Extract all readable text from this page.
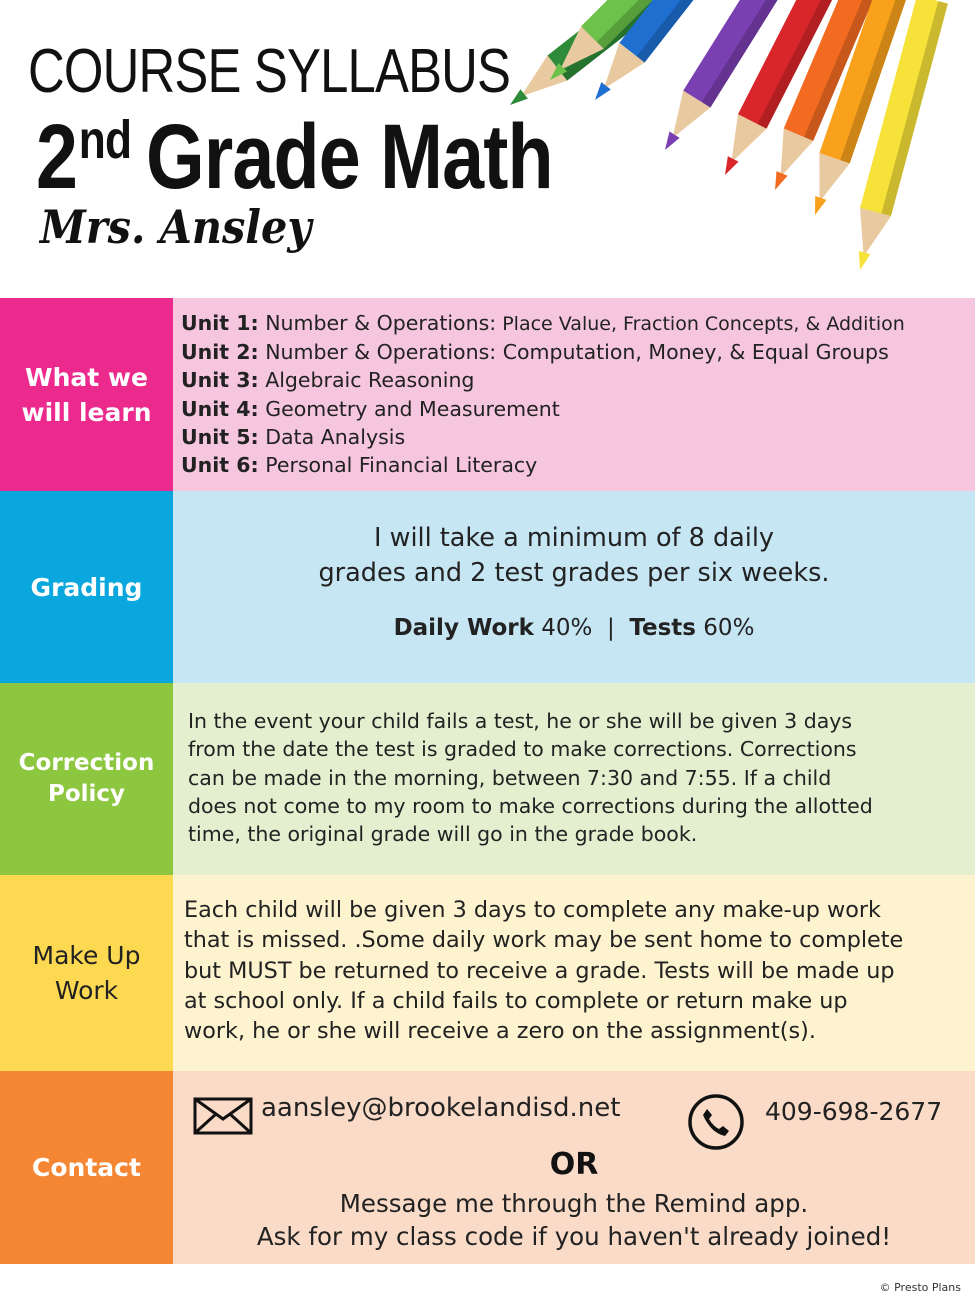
COURSE SYLLABUS
2nd Grade Math
Mrs. Ansley
What we
will learn
Unit 1: Number & Operations: Place Value, Fraction Concepts, & Addition
Unit 2: Number & Operations: Computation, Money, & Equal Groups
Unit 3: Algebraic Reasoning
Unit 4: Geometry and Measurement
Unit 5: Data Analysis
Unit 6: Personal Financial Literacy
Grading
I will take a minimum of 8 daily
grades and 2 test grades per six weeks.
Daily Work 40% | Tests 60%
Correction
Policy
In the event your child fails a test, he or she will be given 3 days
from the date the test is graded to make corrections. Corrections
can be made in the morning, between 7:30 and 7:55. If a child
does not come to my room to make corrections during the allotted
time, the original grade will go in the grade book.
Make Up
Work
Each child will be given 3 days to complete any make-up work
that is missed. .Some daily work may be sent home to complete
but MUST be returned to receive a grade. Tests will be made up
at school only. If a child fails to complete or return make up
work, he or she will receive a zero on the assignment(s).
Contact
aansley@brookelandisd.net	409-698-2677
OR
Message me through the Remind app.
Ask for my class code if you haven't already joined!
© Presto Plans
